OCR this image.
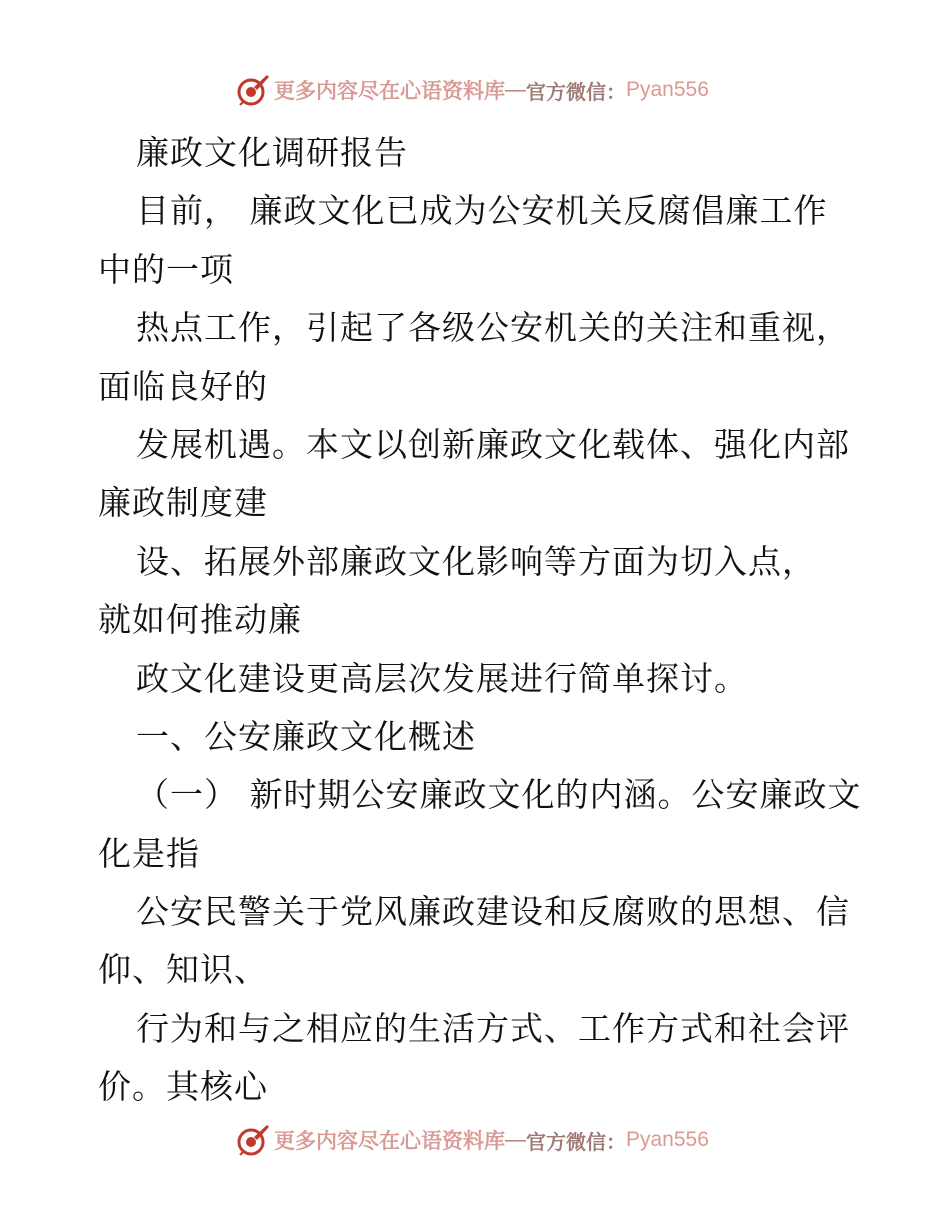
更多内容尽在心语资料库 — 官方微信： Pyan556
廉政文化调研报告
目前， 廉政文化已成为公安机关反腐倡廉工作
中的一项
热点工作，引起了各级公安机关的关注和重视，
面临良好的
发展机遇。本文以创新廉政文化载体、强化内部
廉政制度建
设、拓展外部廉政文化影响等方面为切入点，
就如何推动廉
政文化建设更高层次发展进行简单探讨。
一、公安廉政文化概述
（一） 新时期公安廉政文化的内涵。公安廉政文
化是指
公安民警关于党风廉政建设和反腐败的思想、信
仰、知识、
行为和与之相应的生活方式、工作方式和社会评
价。其核心
更多内容尽在心语资料库 — 官方微信： Pyan556
